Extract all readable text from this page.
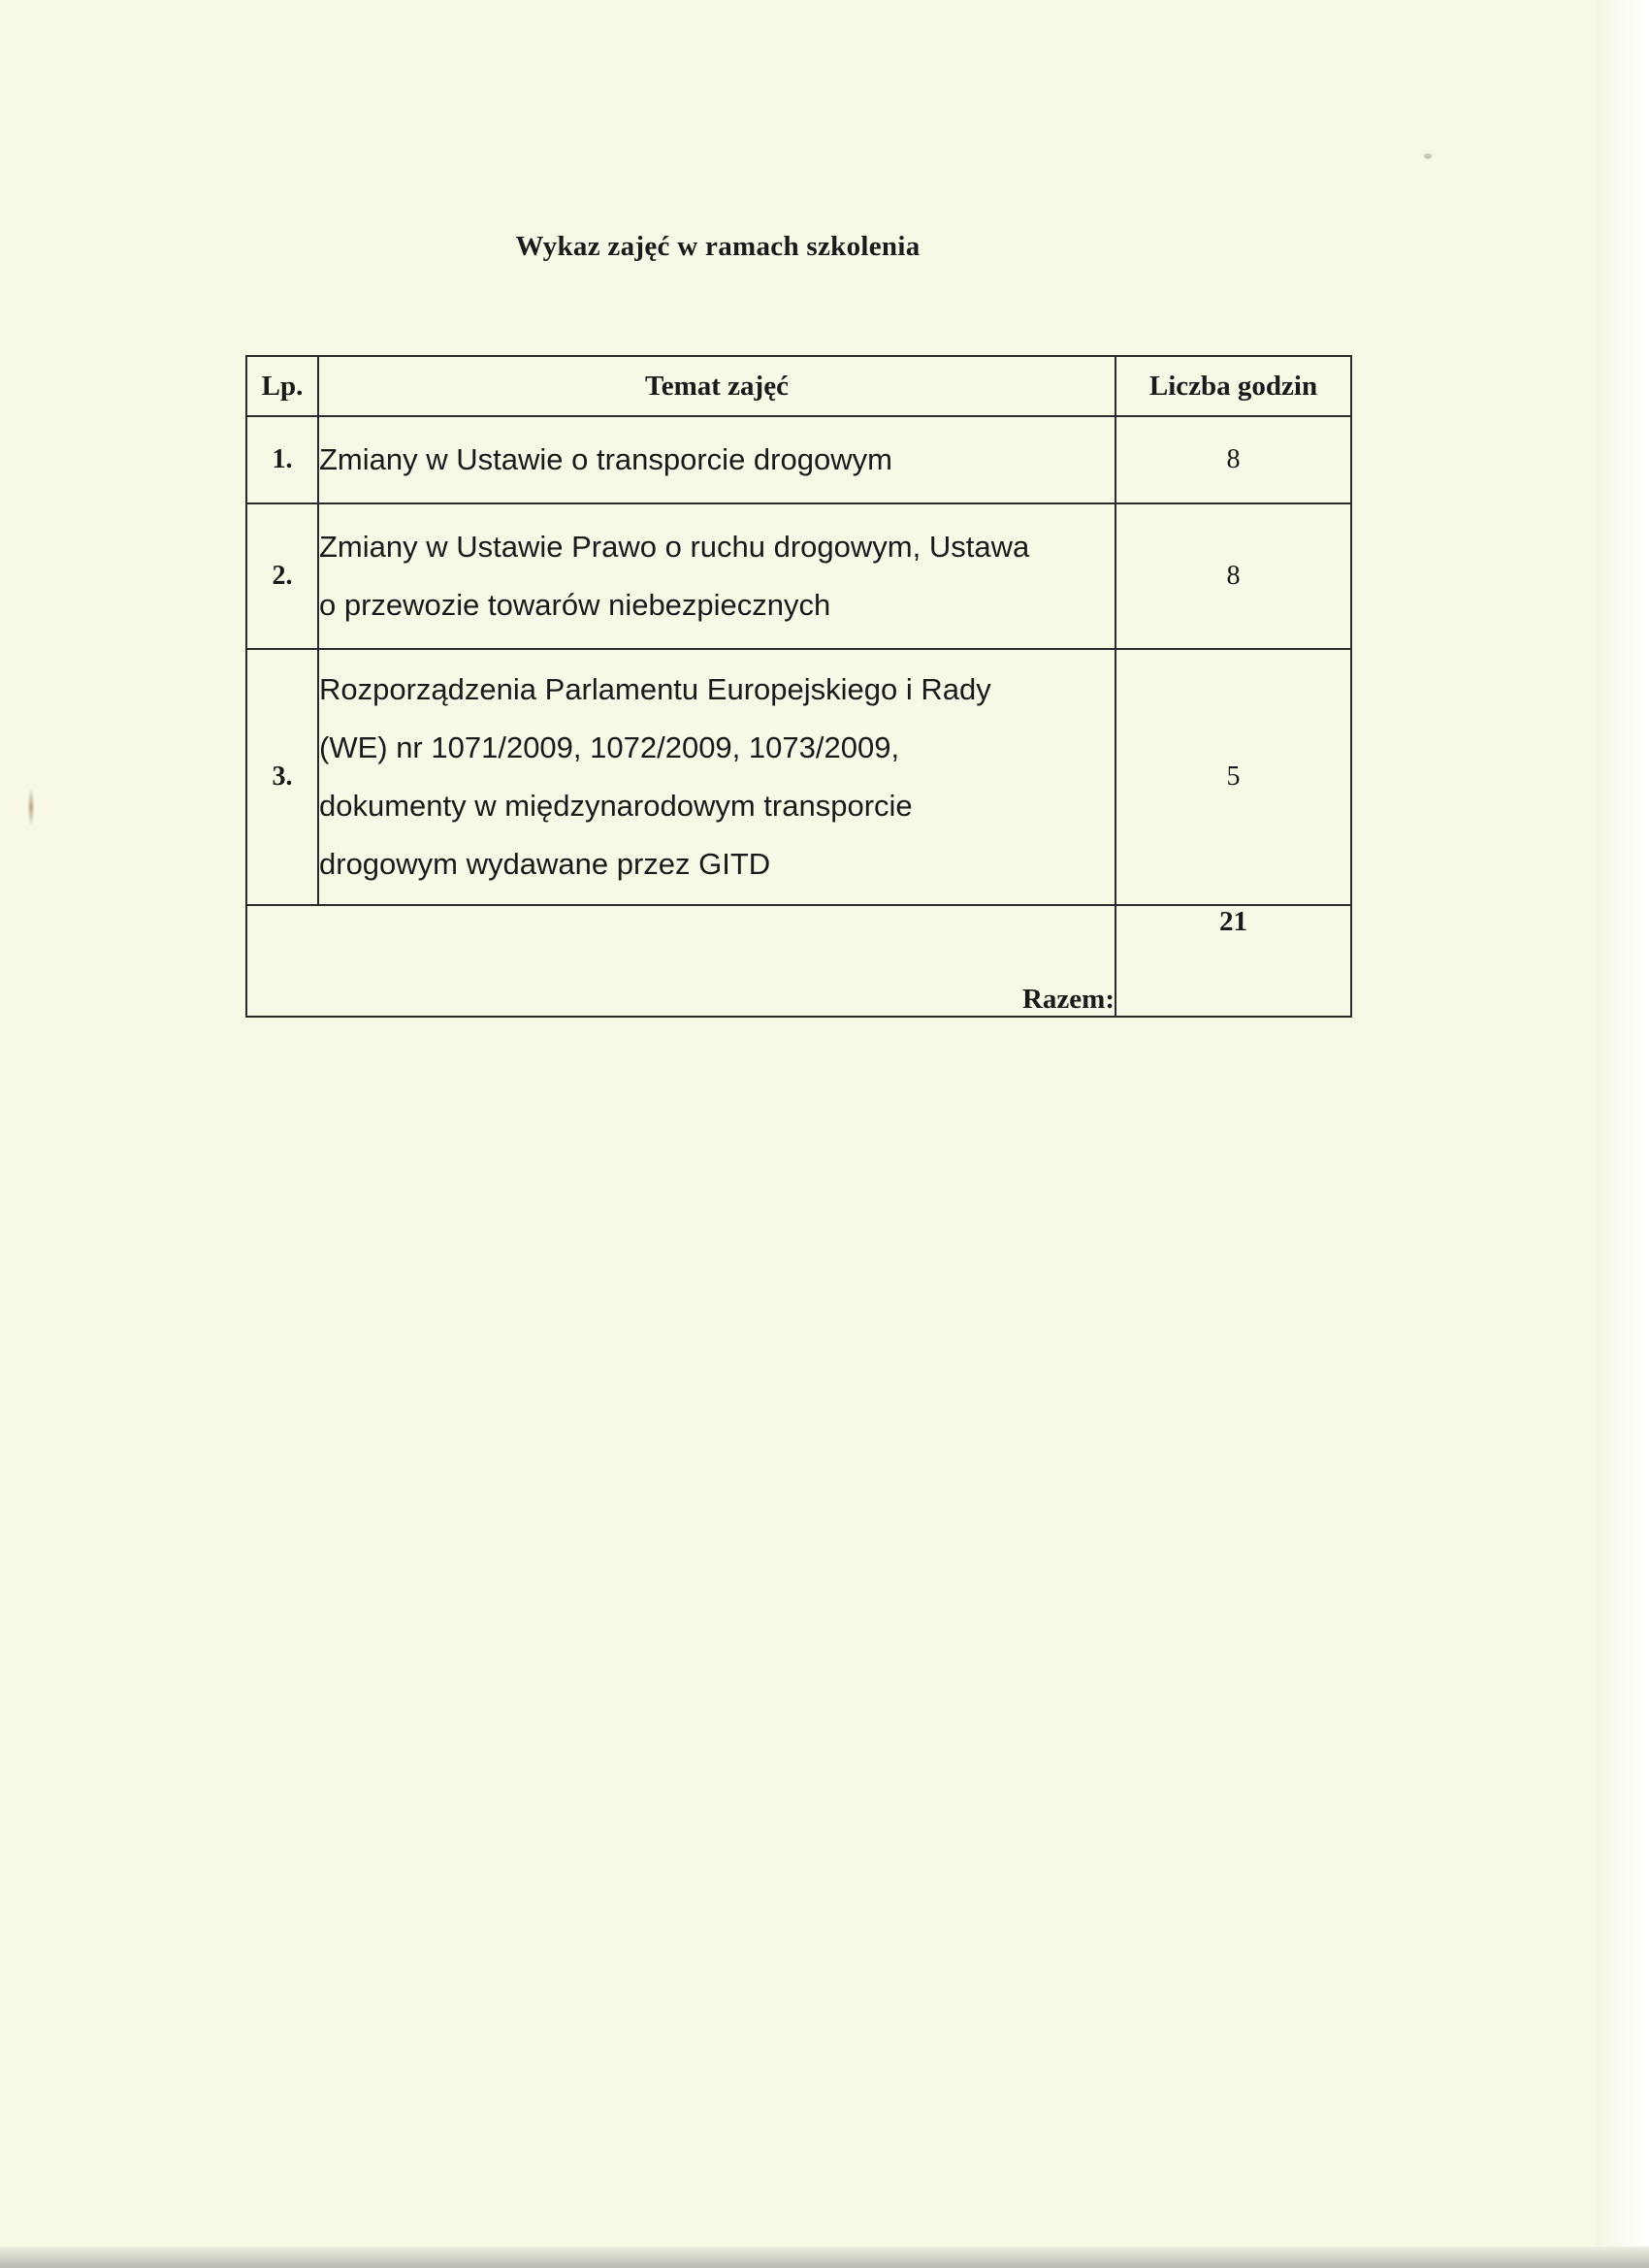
Wykaz zajęć w ramach szkolenia
Lp.	Temat zajęć	Liczba godzin
1.	Zmiany w Ustawie o transporcie drogowym	8
2.	Zmiany w Ustawie Prawo o ruchu drogowym, Ustawa
o przewozie towarów niebezpiecznych	8
3.	Rozporządzenia Parlamentu Europejskiego i Rady
(WE) nr 1071/2009, 1072/2009, 1073/2009,
dokumenty w międzynarodowym transporcie
drogowym wydawane przez GITD	5
Razem:		21
